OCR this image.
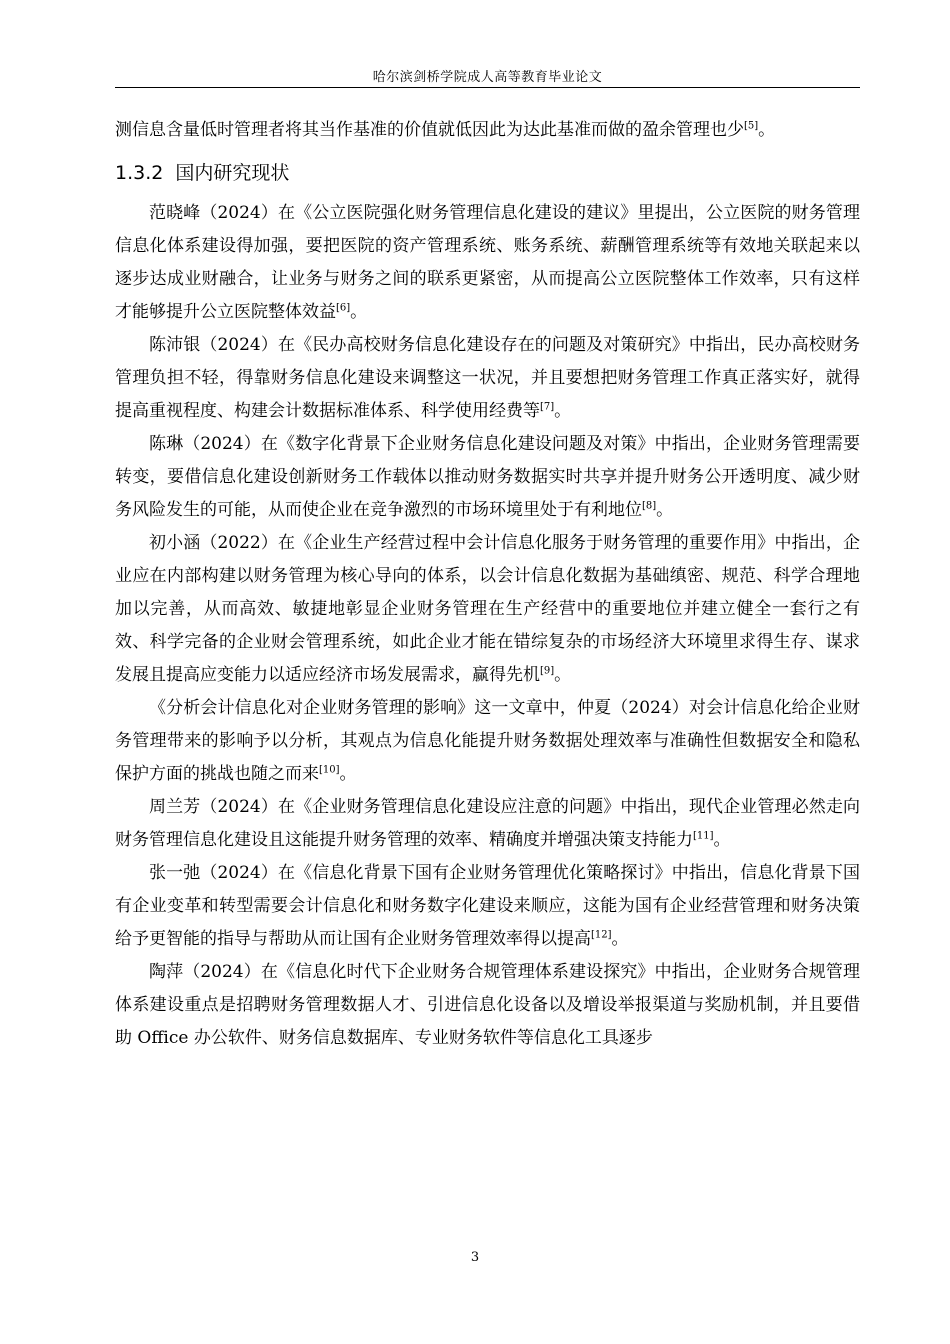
哈尔滨剑桥学院成人高等教育毕业论文

测信息含量低时管理者将其当作基准的价值就低因此为达此基准而做的盈余管理也少[5]。

1.3.2 国内研究现状

范晓峰（2024）在《公立医院强化财务管理信息化建设的建议》里提出，公立医院的财务管理信息化体系建设得加强，要把医院的资产管理系统、账务系统、薪酬管理系统等有效地关联起来以逐步达成业财融合，让业务与财务之间的联系更紧密，从而提高公立医院整体工作效率，只有这样才能够提升公立医院整体效益[6]。

陈沛银（2024）在《民办高校财务信息化建设存在的问题及对策研究》中指出，民办高校财务管理负担不轻，得靠财务信息化建设来调整这一状况，并且要想把财务管理工作真正落实好，就得提高重视程度、构建会计数据标准体系、科学使用经费等[7]。

陈琳（2024）在《数字化背景下企业财务信息化建设问题及对策》中指出，企业财务管理需要转变，要借信息化建设创新财务工作载体以推动财务数据实时共享并提升财务公开透明度、减少财务风险发生的可能，从而使企业在竞争激烈的市场环境里处于有利地位[8]。

初小涵（2022）在《企业生产经营过程中会计信息化服务于财务管理的重要作用》中指出，企业应在内部构建以财务管理为核心导向的体系，以会计信息化数据为基础缜密、规范、科学合理地加以完善，从而高效、敏捷地彰显企业财务管理在生产经营中的重要地位并建立健全一套行之有效、科学完备的企业财会管理系统，如此企业才能在错综复杂的市场经济大环境里求得生存、谋求发展且提高应变能力以适应经济市场发展需求，赢得先机[9]。

《分析会计信息化对企业财务管理的影响》这一文章中，仲夏（2024）对会计信息化给企业财务管理带来的影响予以分析，其观点为信息化能提升财务数据处理效率与准确性但数据安全和隐私保护方面的挑战也随之而来[10]。

周兰芳（2024）在《企业财务管理信息化建设应注意的问题》中指出，现代企业管理必然走向财务管理信息化建设且这能提升财务管理的效率、精确度并增强决策支持能力[11]。

张一弛（2024）在《信息化背景下国有企业财务管理优化策略探讨》中指出，信息化背景下国有企业变革和转型需要会计信息化和财务数字化建设来顺应，这能为国有企业经营管理和财务决策给予更智能的指导与帮助从而让国有企业财务管理效率得以提高[12]。

陶萍（2024）在《信息化时代下企业财务合规管理体系建设探究》中指出，企业财务合规管理体系建设重点是招聘财务管理数据人才、引进信息化设备以及增设举报渠道与奖励机制，并且要借助 Office 办公软件、财务信息数据库、专业财务软件等信息化工具逐步

3
